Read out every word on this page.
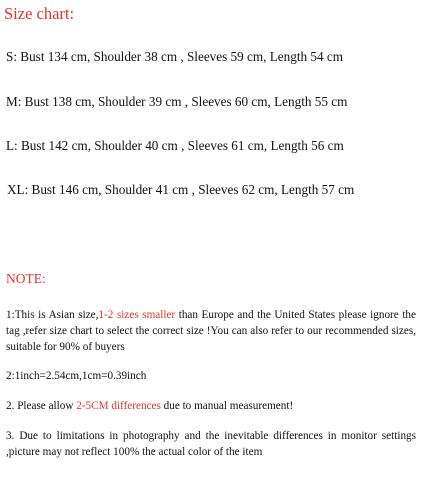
Size chart:
S: Bust 134 cm, Shoulder 38 cm , Sleeves 59 cm, Length 54 cm
M: Bust 138 cm, Shoulder 39 cm , Sleeves 60 cm, Length 55 cm
L: Bust 142 cm, Shoulder 40 cm , Sleeves 61 cm, Length 56 cm
XL: Bust 146 cm, Shoulder 41 cm , Sleeves 62 cm, Length 57 cm
NOTE:
1:This is Asian size,1-2 sizes smaller than Europe and the United States please ignore the tag ,refer size chart to select the correct size !You can also refer to our recommended sizes, suitable for 90% of buyers
2:1inch=2.54cm,1cm=0.39inch
2. Please allow 2-5CM differences due to manual measurement!
3. Due to limitations in photography and the inevitable differences in monitor settings ,picture may not reflect 100% the actual color of the item
